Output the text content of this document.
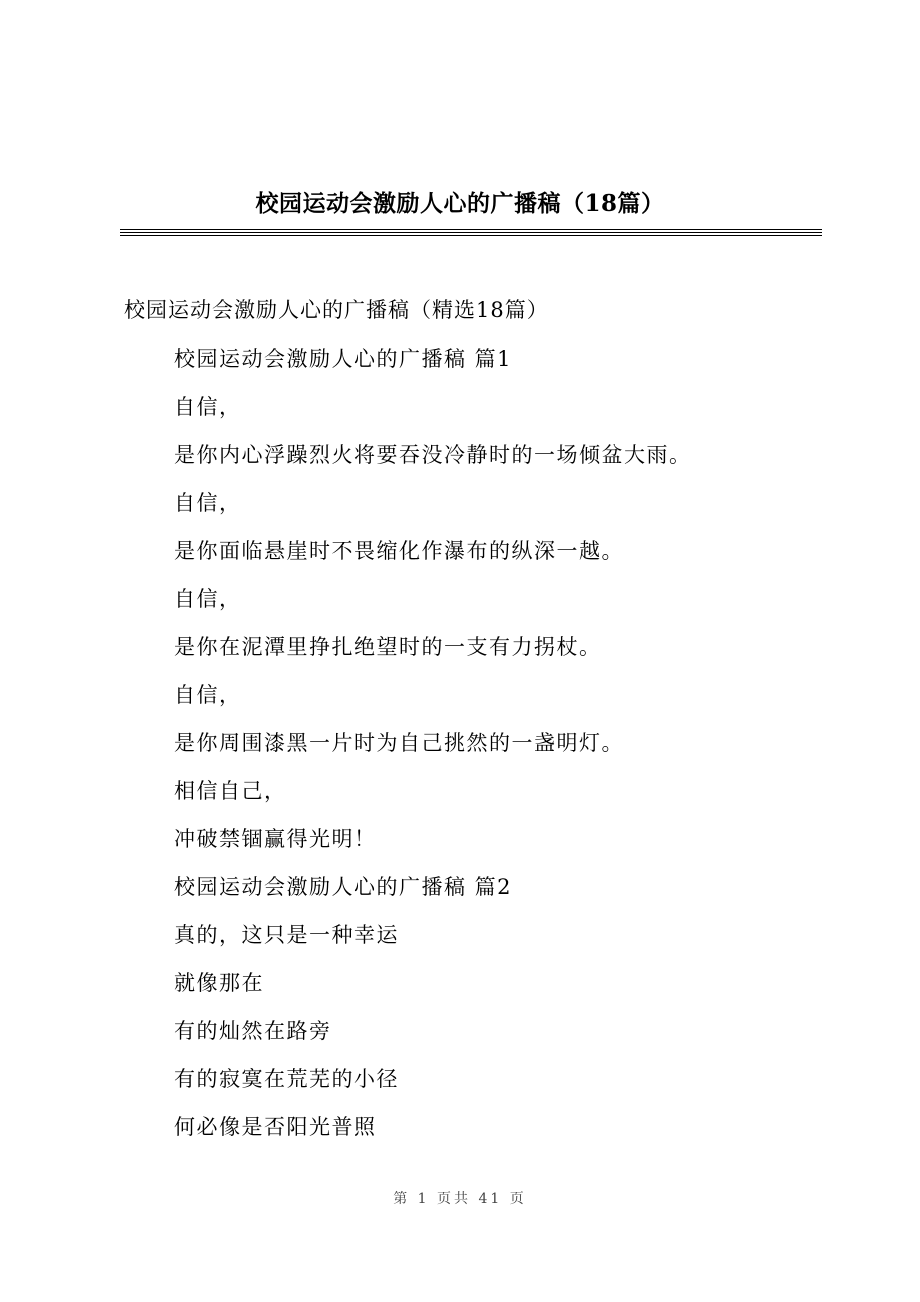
校园运动会激励人心的广播稿（18篇）

校园运动会激励人心的广播稿（精选18篇）

校园运动会激励人心的广播稿 篇1
自信，
是你内心浮躁烈火将要吞没冷静时的一场倾盆大雨。
自信，
是你面临悬崖时不畏缩化作瀑布的纵深一越。
自信，
是你在泥潭里挣扎绝望时的一支有力拐杖。
自信，
是你周围漆黑一片时为自己挑然的一盏明灯。
相信自己，
冲破禁锢赢得光明！
校园运动会激励人心的广播稿 篇2
真的，这只是一种幸运
就像那在
有的灿然在路旁
有的寂寞在荒芜的小径
何必像是否阳光普照
第 1 页共 41 页
